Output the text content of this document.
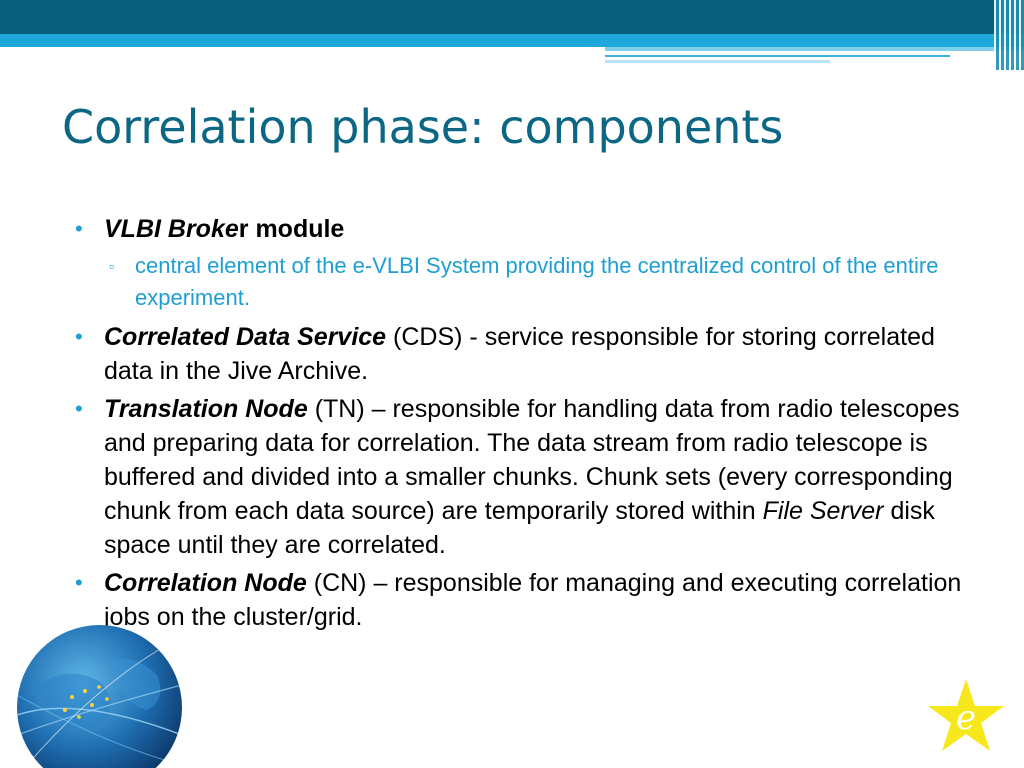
Correlation phase: components
• VLBI Broker module
▫ central element of the e-VLBI System providing the centralized control of the entire experiment.
• Correlated Data Service (CDS) - service responsible for storing correlated data in the Jive Archive.
• Translation Node (TN) – responsible for handling data from radio telescopes and preparing data for correlation. The data stream from radio telescope is buffered and divided into a smaller chunks. Chunk sets (every corresponding chunk from each data source) are temporarily stored within File Server disk space until they are correlated.
• Correlation Node (CN) – responsible for managing and executing correlation jobs on the cluster/grid.
e
